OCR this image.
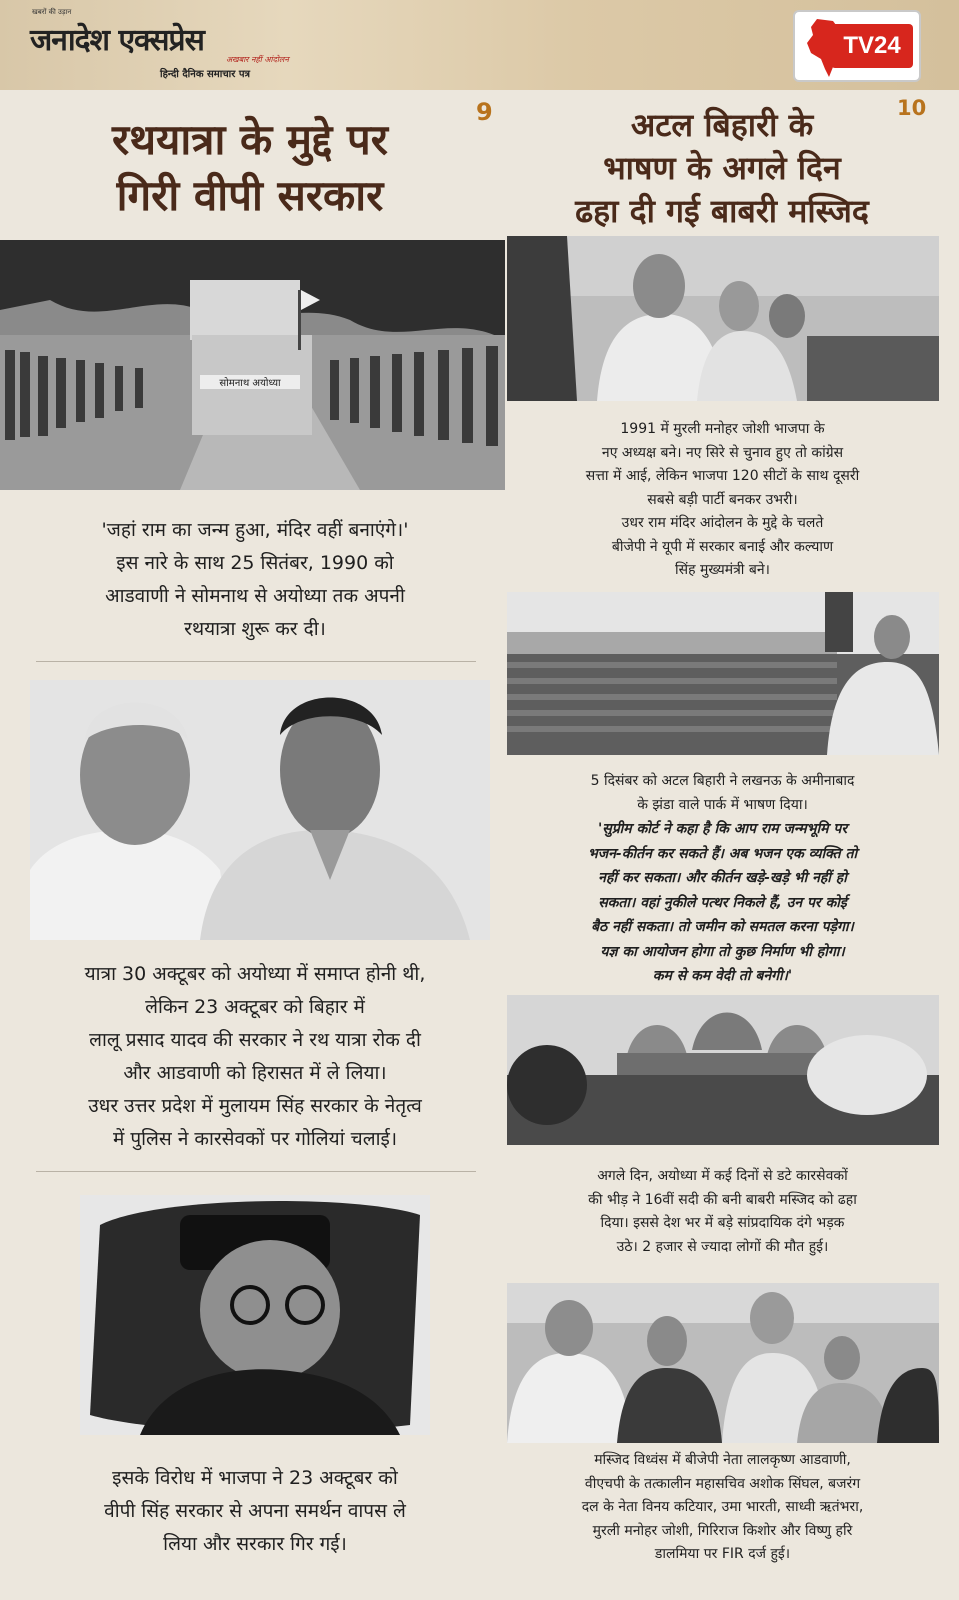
खबरों की उड़ान
जनादेश एक्सप्रेस
अखबार नहीं आंदोलन
हिन्दी दैनिक समाचार पत्र
TV24
9
रथयात्रा के मुद्दे पर
गिरी वीपी सरकार
सोमनाथ अयोध्या
'जहां राम का जन्म हुआ, मंदिर वहीं बनाएंगे।'
इस नारे के साथ 25 सितंबर, 1990 को
आडवाणी ने सोमनाथ से अयोध्या तक अपनी
रथयात्रा शुरू कर दी।
यात्रा 30 अक्टूबर को अयोध्या में समाप्त होनी थी,
लेकिन 23 अक्टूबर को बिहार में
लालू प्रसाद यादव की सरकार ने रथ यात्रा रोक दी
और आडवाणी को हिरासत में ले लिया।
उधर उत्तर प्रदेश में मुलायम सिंह सरकार के नेतृत्व
में पुलिस ने कारसेवकों पर गोलियां चलाई।
इसके विरोध में भाजपा ने 23 अक्टूबर को
वीपी सिंह सरकार से अपना समर्थन वापस ले
लिया और सरकार गिर गई।
10
अटल बिहारी के
भाषण के अगले दिन
ढहा दी गई बाबरी मस्जिद
1991 में मुरली मनोहर जोशी भाजपा के
नए अध्यक्ष बने। नए सिरे से चुनाव हुए तो कांग्रेस
सत्ता में आई, लेकिन भाजपा 120 सीटों के साथ दूसरी
सबसे बड़ी पार्टी बनकर उभरी।
उधर राम मंदिर आंदोलन के मुद्दे के चलते
बीजेपी ने यूपी में सरकार बनाई और कल्याण
सिंह मुख्यमंत्री बने।
5 दिसंबर को अटल बिहारी ने लखनऊ के अमीनाबाद
के झंडा वाले पार्क में भाषण दिया।
'सुप्रीम कोर्ट ने कहा है कि आप राम जन्मभूमि पर
भजन-कीर्तन कर सकते हैं। अब भजन एक व्यक्ति तो
नहीं कर सकता। और कीर्तन खड़े-खड़े भी नहीं हो
सकता। वहां नुकीले पत्थर निकले हैं, उन पर कोई
बैठ नहीं सकता। तो जमीन को समतल करना पड़ेगा।
यज्ञ का आयोजन होगा तो कुछ निर्माण भी होगा।
कम से कम वेदी तो बनेगी।'
अगले दिन, अयोध्या में कई दिनों से डटे कारसेवकों
की भीड़ ने 16वीं सदी की बनी बाबरी मस्जिद को ढहा
दिया। इससे देश भर में बड़े सांप्रदायिक दंगे भड़क
उठे। 2 हजार से ज्यादा लोगों की मौत हुई।
मस्जिद विध्वंस में बीजेपी नेता लालकृष्ण आडवाणी,
वीएचपी के तत्कालीन महासचिव अशोक सिंघल, बजरंग
दल के नेता विनय कटियार, उमा भारती, साध्वी ऋतंभरा,
मुरली मनोहर जोशी, गिरिराज किशोर और विष्णु हरि
डालमिया पर FIR दर्ज हुई।
